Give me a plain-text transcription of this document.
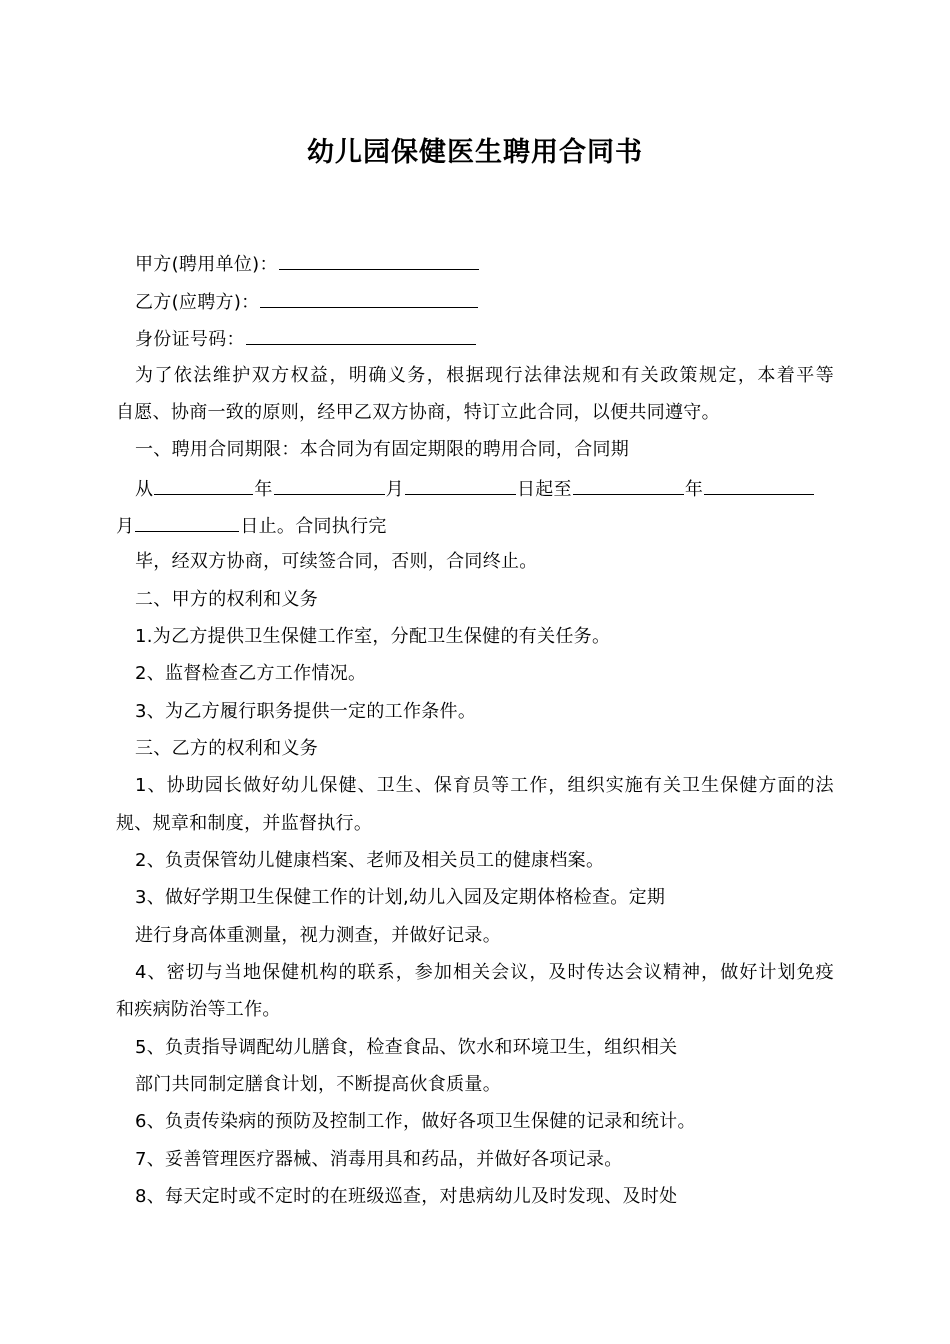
幼儿园保健医生聘用合同书
甲方(聘用单位)：
乙方(应聘方)：
身份证号码：
为了依法维护双方权益，明确义务，根据现行法律法规和有关政策规定，本着平等
自愿、协商一致的原则，经甲乙双方协商，特订立此合同，以便共同遵守。
一、聘用合同期限：本合同为有固定期限的聘用合同，合同期
从	年	月	日起至	年
月	日止。合同执行完
毕，经双方协商，可续签合同，否则，合同终止。
二、甲方的权利和义务
1.为乙方提供卫生保健工作室，分配卫生保健的有关任务。
2、监督检查乙方工作情况。
3、为乙方履行职务提供一定的工作条件。
三、乙方的权利和义务
1、协助园长做好幼儿保健、卫生、保育员等工作，组织实施有关卫生保健方面的法
规、规章和制度，并监督执行。
2、负责保管幼儿健康档案、老师及相关员工的健康档案。
3、做好学期卫生保健工作的计划,幼儿入园及定期体格检查。定期
进行身高体重测量，视力测查，并做好记录。
4、密切与当地保健机构的联系，参加相关会议，及时传达会议精神，做好计划免疫
和疾病防治等工作。
5、负责指导调配幼儿膳食，检查食品、饮水和环境卫生，组织相关
部门共同制定膳食计划，不断提高伙食质量。
6、负责传染病的预防及控制工作，做好各项卫生保健的记录和统计。
7、妥善管理医疗器械、消毒用具和药品，并做好各项记录。
8、每天定时或不定时的在班级巡查，对患病幼儿及时发现、及时处
